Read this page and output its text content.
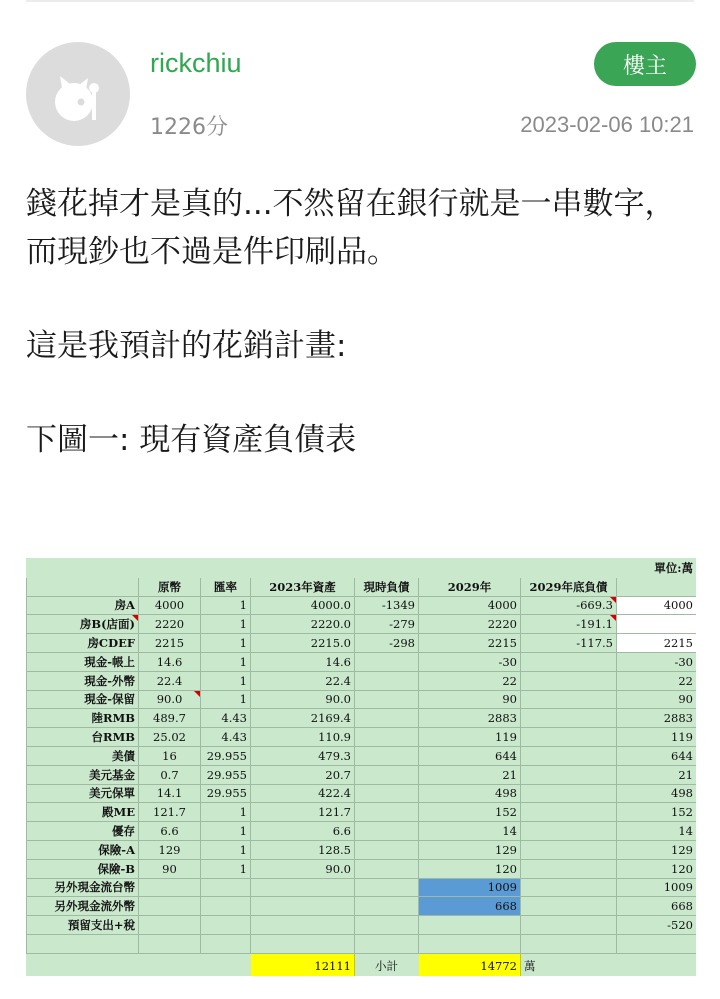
rickchiu	樓主
1226分	2023-02-06 10:21

錢花掉才是真的...不然留在銀行就是一串數字，而現鈔也不過是件印刷品。

這是我預計的花銷計畫:

下圖一: 現有資產負債表

							單位:萬
	原幣	匯率	2023年資產	現時負債	2029年	2029年底負債	
房A	4000	1	4000.0	-1349	4000	-669.3	4000
房B(店面)	2220	1	2220.0	-279	2220	-191.1	
房CDEF	2215	1	2215.0	-298	2215	-117.5	2215
現金-帳上	14.6	1	14.6		-30		-30
現金-外幣	22.4	1	22.4		22		22
現金-保留	90.0	1	90.0		90		90
陸RMB	489.7	4.43	2169.4		2883		2883
台RMB	25.02	4.43	110.9		119		119
美債	16	29.955	479.3		644		644
美元基金	0.7	29.955	20.7		21		21
美元保單	14.1	29.955	422.4		498		498
殿ME	121.7	1	121.7		152		152
優存	6.6	1	6.6		14		14
保險-A	129	1	128.5		129		129
保險-B	90	1	90.0		120		120
另外現金流台幣					1009		1009
另外現金流外幣					668		668
預留支出+稅							-520

			12111	小計	14772	萬	
